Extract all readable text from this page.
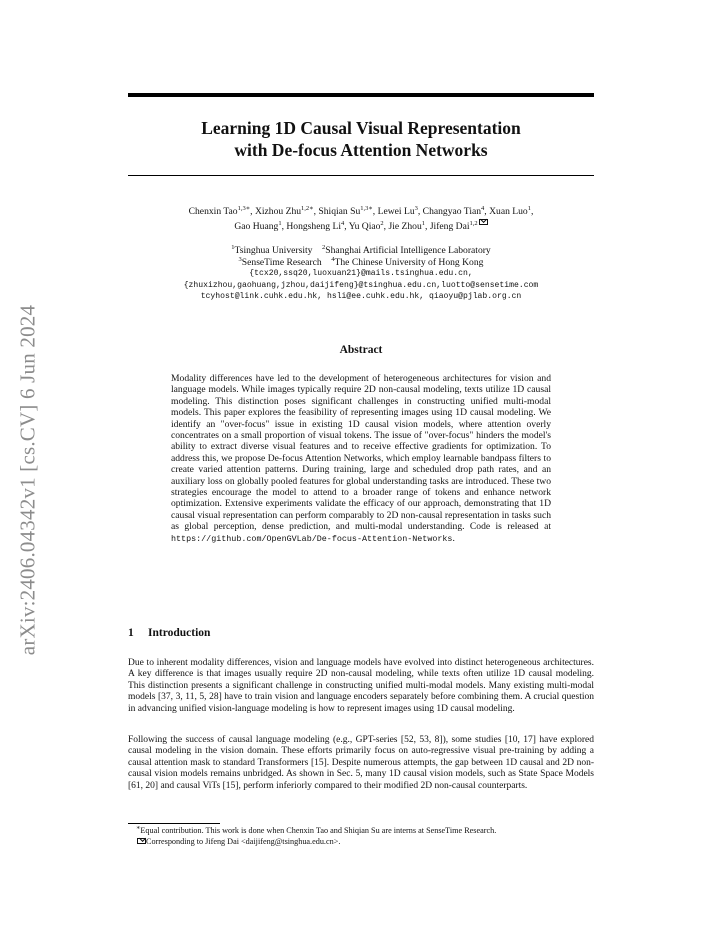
arXiv:2406.04342v1 [cs.CV] 6 Jun 2024
Learning 1D Causal Visual Representation
with De-focus Attention Networks
Chenxin Tao$^{1,3∗}$, Xizhou Zhu$^{1,2∗}$, Shiqian $Su^{1,3∗}$, Lewei Lu$^3$, Changyao Tian$^4$, Xuan Luo$^1$,
Gao Huang$^1$, Hongsheng Li$^4$, Yu Qiao$^2$, Jie Zhou$^1$, Jifeng Dai$^{1,2}$
$^1$Tsinghua University $^2$Shanghai Artificial Intelligence Laboratory
$^3$SenseTime Research $^4$The Chinese University of Hong Kong
{tcx20,ssq20,luoxuan21}@mails.tsinghua.edu.cn,
{zhuxizhou,gaohuang,jzhou,daijifeng}@tsinghua.edu.cn,luotto@sensetime.com
tcyhost@link.cuhk.edu.hk, hsli@ee.cuhk.edu.hk, qiaoyu@pjlab.org.cn
Abstract
Modality differences have led to the development of heterogeneous architectures for vision and language models. While images typically require 2D non-causal modeling, texts utilize 1D causal modeling. This distinction poses significant challenges in constructing unified multi-modal models. This paper explores the feasibility of representing images using 1D causal modeling. We identify an "over-focus" issue in existing 1D causal vision models, where attention overly concentrates on a small proportion of visual tokens. The issue of "over-focus" hinders the model's ability to extract diverse visual features and to receive effective gradients for optimization. To address this, we propose De-focus Attention Networks, which employ learnable bandpass filters to create varied attention patterns. During training, large and scheduled drop path rates, and an auxiliary loss on globally pooled features for global understanding tasks are introduced. These two strategies encourage the model to attend to a broader range of tokens and enhance network optimization. Extensive experiments validate the efficacy of our approach, demonstrating that 1D causal visual representation can perform comparably to 2D non-causal representation in tasks such as global perception, dense prediction, and multi-modal understanding. Code is released at https://github.com/OpenGVLab/De-focus-Attention-Networks.
1 Introduction
Due to inherent modality differences, vision and language models have evolved into distinct heterogeneous architectures. A key difference is that images usually require 2D non-causal modeling, while texts often utilize 1D causal modeling. This distinction presents a significant challenge in constructing unified multi-modal models. Many existing multi-modal models [37, 3, 11, 5, 28] have to train vision and language encoders separately before combining them. A crucial question in advancing unified vision-language modeling is how to represent images using 1D causal modeling.
Following the success of causal language modeling (e.g., GPT-series [52, 53, 8]), some studies [10, 17] have explored causal modeling in the vision domain. These efforts primarily focus on auto-regressive visual pre-training by adding a causal attention mask to standard Transformers [15]. Despite numerous attempts, the gap between 1D causal and 2D non-causal vision models remains unbridged. As shown in Sec. 5, many 1D causal vision models, such as State Space Models [61, 20] and causal ViTs [15], perform inferiorly compared to their modified 2D non-causal counterparts.
∗Equal contribution. This work is done when Chenxin Tao and Shiqian Su are interns at SenseTime Research.
Corresponding to Jifeng Dai <daijifeng@tsinghua.edu.cn>.
